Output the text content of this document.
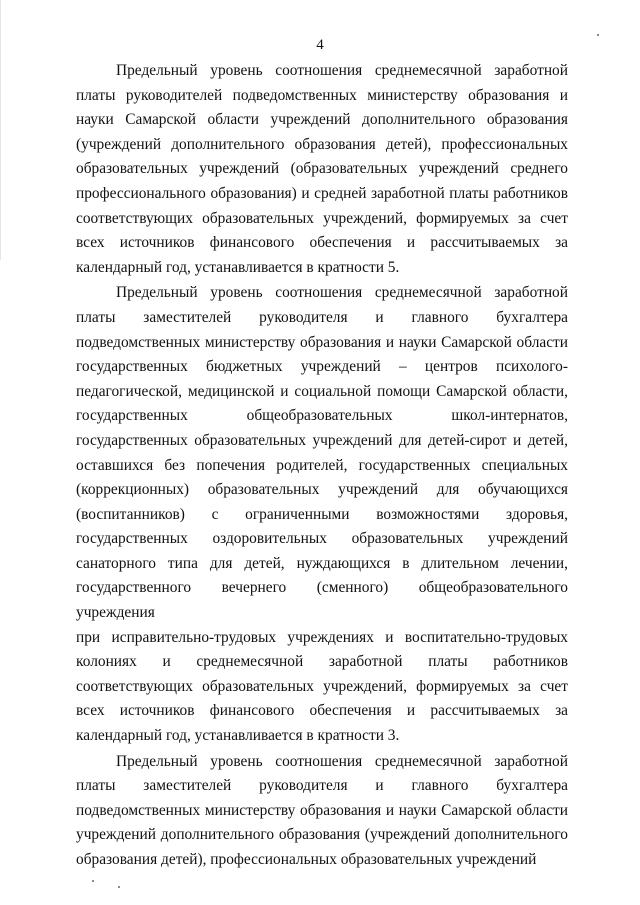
4

Предельный уровень соотношения среднемесячной заработной
платы руководителей подведомственных министерству образования и
науки Самарской области учреждений дополнительного образования
(учреждений дополнительного образования детей), профессиональных
образовательных учреждений (образовательных учреждений среднего
профессионального образования) и средней заработной платы работников
соответствующих образовательных учреждений, формируемых за счет
всех источников финансового обеспечения и рассчитываемых за
календарный год, устанавливается в кратности 5.

Предельный уровень соотношения среднемесячной заработной
платы заместителей руководителя и главного бухгалтера
подведомственных министерству образования и науки Самарской области
государственных бюджетных учреждений – центров психолого-
педагогической, медицинской и социальной помощи Самарской области,
государственных общеобразовательных школ-интернатов,
государственных образовательных учреждений для детей-сирот и детей,
оставшихся без попечения родителей, государственных специальных
(коррекционных) образовательных учреждений для обучающихся
(воспитанников) с ограниченными возможностями здоровья,
государственных оздоровительных образовательных учреждений
санаторного типа для детей, нуждающихся в длительном лечении,
государственного вечернего (сменного) общеобразовательного учреждения
при исправительно-трудовых учреждениях и воспитательно-трудовых
колониях и среднемесячной заработной платы работников
соответствующих образовательных учреждений, формируемых за счет
всех источников финансового обеспечения и рассчитываемых за
календарный год, устанавливается в кратности 3.

Предельный уровень соотношения среднемесячной заработной
платы заместителей руководителя и главного бухгалтера
подведомственных министерству образования и науки Самарской области
учреждений дополнительного образования (учреждений дополнительного
образования детей), профессиональных образовательных учреждений
